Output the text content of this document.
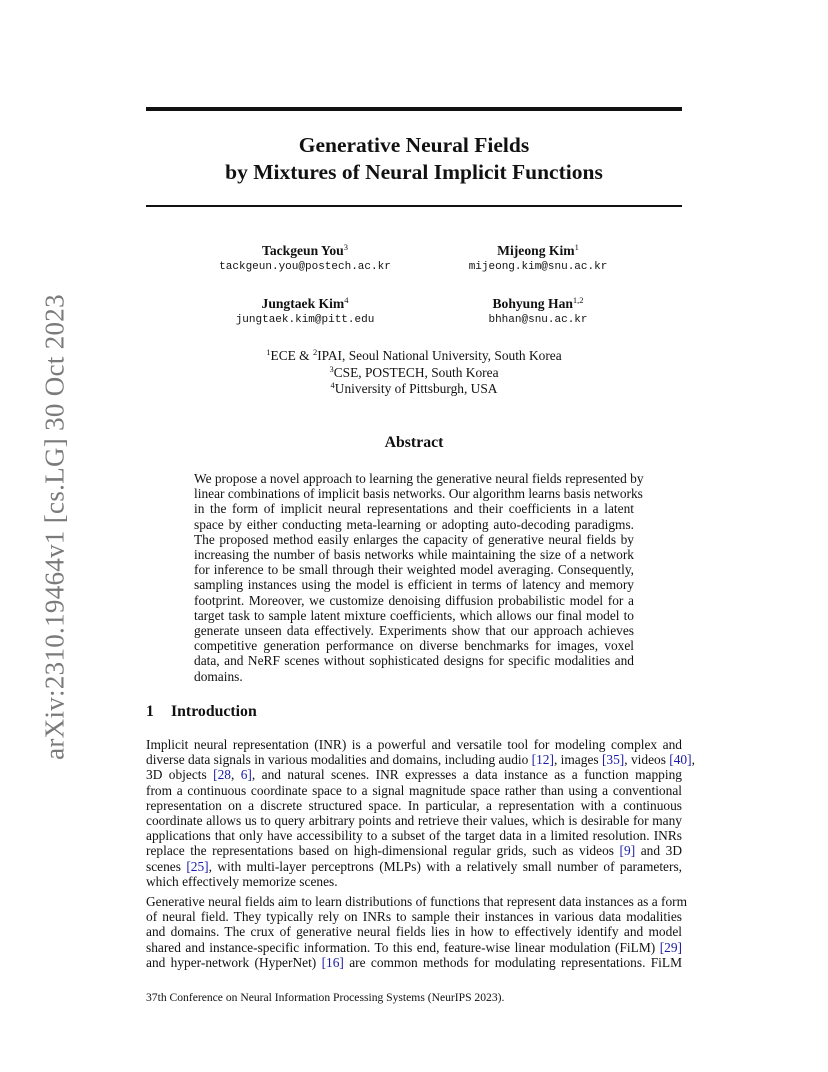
arXiv:2310.19464v1 [cs.LG] 30 Oct 2023
Generative Neural Fields
by Mixtures of Neural Implicit Functions
Tackgeun You$^3$
tackgeun.you@postech.ac.kr
Mijeong Kim$^1$
mijeong.kim@snu.ac.kr
Jungtaek Kim$^4$
jungtaek.kim@pitt.edu
Bohyung Han$^{1,2}$
bhhan@snu.ac.kr
$^1$ECE & $^2$IPAI, Seoul National University, South Korea
$^3$CSE, POSTECH, South Korea
$^4$University of Pittsburgh, USA
Abstract
We propose a novel approach to learning the generative neural fields represented by
linear combinations of implicit basis networks. Our algorithm learns basis networks
in the form of implicit neural representations and their coefficients in a latent
space by either conducting meta-learning or adopting auto-decoding paradigms.
The proposed method easily enlarges the capacity of generative neural fields by
increasing the number of basis networks while maintaining the size of a network
for inference to be small through their weighted model averaging. Consequently,
sampling instances using the model is efficient in terms of latency and memory
footprint. Moreover, we customize denoising diffusion probabilistic model for a
target task to sample latent mixture coefficients, which allows our final model to
generate unseen data effectively. Experiments show that our approach achieves
competitive generation performance on diverse benchmarks for images, voxel
data, and NeRF scenes without sophisticated designs for specific modalities and
domains.
1 Introduction
Implicit neural representation (INR) is a powerful and versatile tool for modeling complex and
diverse data signals in various modalities and domains, including audio [12], images [35], videos [40],
3D objects [28, 6], and natural scenes. INR expresses a data instance as a function mapping
from a continuous coordinate space to a signal magnitude space rather than using a conventional
representation on a discrete structured space. In particular, a representation with a continuous
coordinate allows us to query arbitrary points and retrieve their values, which is desirable for many
applications that only have accessibility to a subset of the target data in a limited resolution. INRs
replace the representations based on high-dimensional regular grids, such as videos [9] and 3D
scenes [25], with multi-layer perceptrons (MLPs) with a relatively small number of parameters,
which effectively memorize scenes.
Generative neural fields aim to learn distributions of functions that represent data instances as a form
of neural field. They typically rely on INRs to sample their instances in various data modalities
and domains. The crux of generative neural fields lies in how to effectively identify and model
shared and instance-specific information. To this end, feature-wise linear modulation (FiLM) [29]
and hyper-network (HyperNet) [16] are common methods for modulating representations. FiLM
37th Conference on Neural Information Processing Systems (NeurIPS 2023).
